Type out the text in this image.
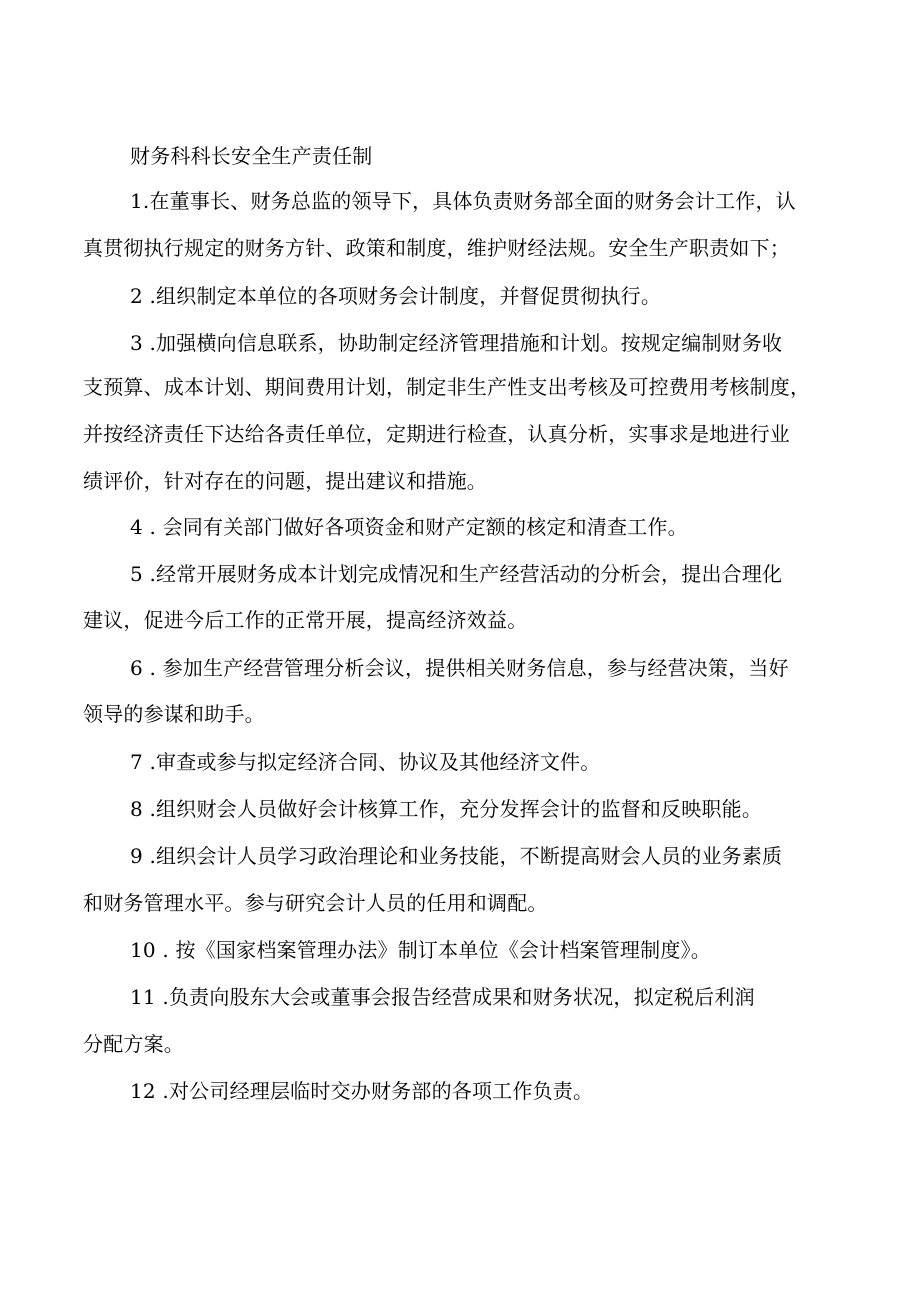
财务科科长安全生产责任制
1.在董事长、财务总监的领导下，具体负责财务部全面的财务会计工作，认
真贯彻执行规定的财务方针、政策和制度，维护财经法规。安全生产职责如下；
2 .组织制定本单位的各项财务会计制度，并督促贯彻执行。
3 .加强横向信息联系，协助制定经济管理措施和计划。按规定编制财务收
支预算、成本计划、期间费用计划，制定非生产性支出考核及可控费用考核制度，
并按经济责任下达给各责任单位，定期进行检查，认真分析，实事求是地进行业
绩评价，针对存在的问题，提出建议和措施。
4 . 会同有关部门做好各项资金和财产定额的核定和清查工作。
5 .经常开展财务成本计划完成情况和生产经营活动的分析会，提出合理化
建议，促进今后工作的正常开展，提高经济效益。
6 . 参加生产经营管理分析会议，提供相关财务信息，参与经营决策，当好
领导的参谋和助手。
7 .审查或参与拟定经济合同、协议及其他经济文件。
8 .组织财会人员做好会计核算工作，充分发挥会计的监督和反映职能。
9 .组织会计人员学习政治理论和业务技能，不断提高财会人员的业务素质
和财务管理水平。参与研究会计人员的任用和调配。
10 . 按《国家档案管理办法》制订本单位《会计档案管理制度》。
11 .负责向股东大会或董事会报告经营成果和财务状况，拟定税后利润
分配方案。
12 .对公司经理层临时交办财务部的各项工作负责。
